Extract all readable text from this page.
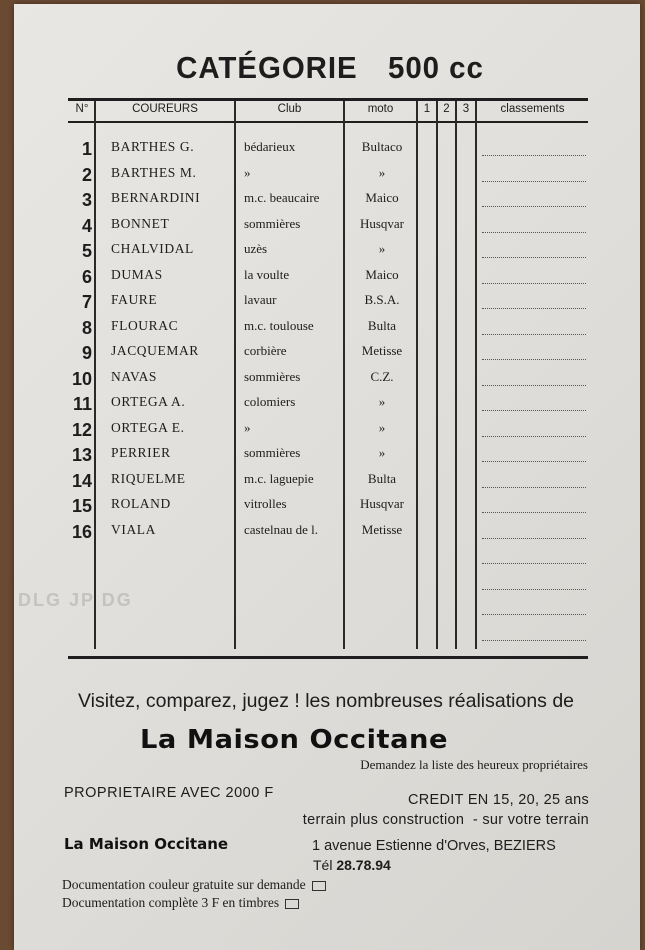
CATÉGORIE 500 cc
N°	COUREURS	Club	moto	1	2	3	classements
1 BARTHES G.	bédarieux	Bultaco
2 BARTHES M.	»	»
3 BERNARDINI	m.c. beaucaire	Maico
4 BONNET	sommières	Husqvar
5 CHALVIDAL	uzès	»
6 DUMAS	la voulte	Maico
7 FAURE	lavaur	B.S.A.
8 FLOURAC	m.c. toulouse	Bulta
9 JACQUEMAR	corbière	Metisse
10 NAVAS	sommières	C.Z.
11 ORTEGA A.	colomiers	»
12 ORTEGA E.	»	»
13 PERRIER	sommières	»
14 RIQUELME	m.c. laguepie	Bulta
15 ROLAND	vitrolles	Husqvar
16 VIALA	castelnau de l.	Metisse
DLG JP DG
Visitez, comparez, jugez ! les nombreuses réalisations de
La Maison Occitane
Demandez la liste des heureux propriétaires
PROPRIETAIRE AVEC 2000 F	CREDIT EN 15, 20, 25 ans
terrain plus construction - sur votre terrain
La Maison Occitane	1 avenue Estienne d'Orves, BEZIERS
Tél 28.78.94
Documentation couleur gratuite sur demande
Documentation complète 3 F en timbres
